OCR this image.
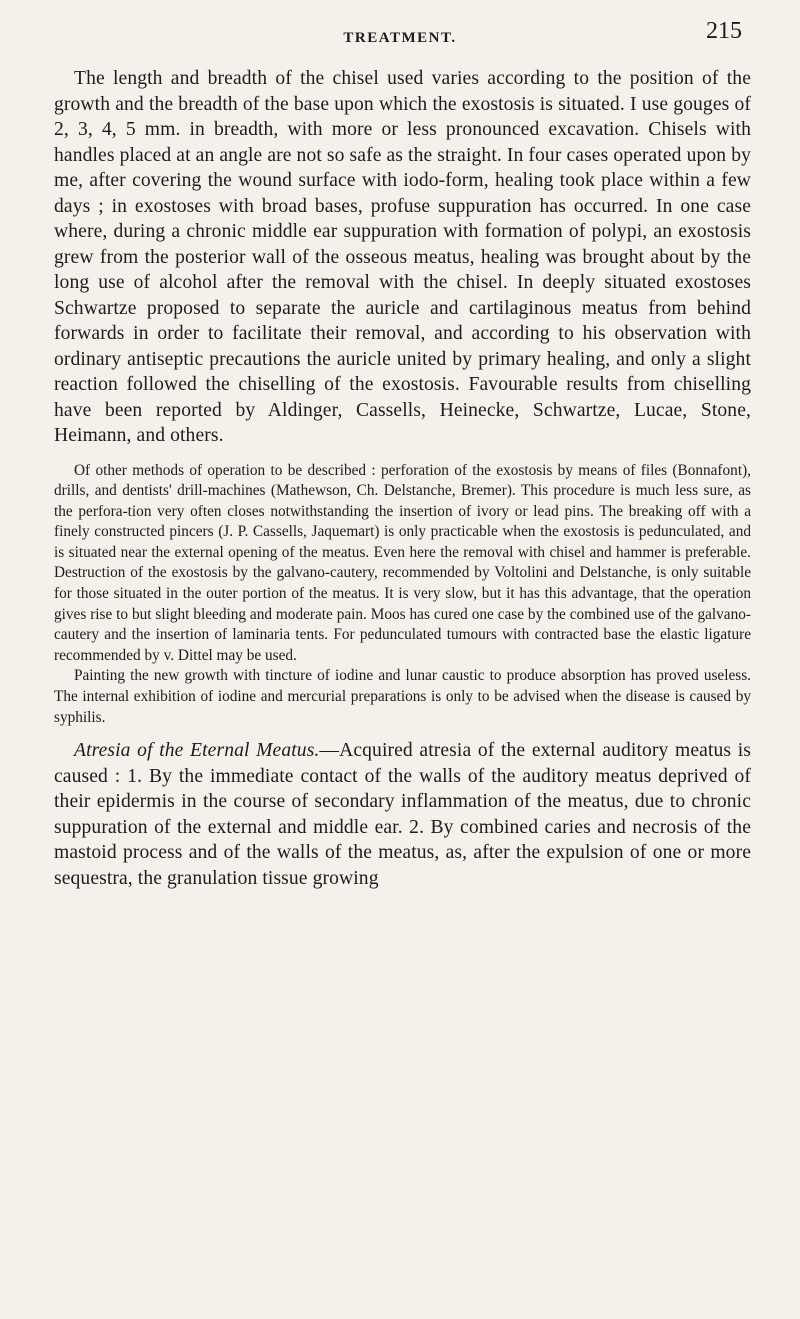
TREATMENT.	215

The length and breadth of the chisel used varies according to the position of the growth and the breadth of the base upon which the exostosis is situated. I use gouges of 2, 3, 4, 5 mm. in breadth, with more or less pronounced excavation. Chisels with handles placed at an angle are not so safe as the straight. In four cases operated upon by me, after covering the wound surface with iodo-form, healing took place within a few days ; in exostoses with broad bases, profuse suppuration has occurred. In one case where, during a chronic middle ear suppuration with formation of polypi, an exostosis grew from the posterior wall of the osseous meatus, healing was brought about by the long use of alcohol after the removal with the chisel. In deeply situated exostoses Schwartze proposed to separate the auricle and cartilaginous meatus from behind forwards in order to facilitate their removal, and according to his observation with ordinary antiseptic precautions the auricle united by primary healing, and only a slight reaction followed the chiselling of the exostosis. Favourable results from chiselling have been reported by Aldinger, Cassells, Heinecke, Schwartze, Lucae, Stone, Heimann, and others.

Of other methods of operation to be described : perforation of the exostosis by means of files (Bonnafont), drills, and dentists' drill-machines (Mathewson, Ch. Delstanche, Bremer). This procedure is much less sure, as the perfora-tion very often closes notwithstanding the insertion of ivory or lead pins. The breaking off with a finely constructed pincers (J. P. Cassells, Jaquemart) is only practicable when the exostosis is pedunculated, and is situated near the external opening of the meatus. Even here the removal with chisel and hammer is preferable. Destruction of the exostosis by the galvano-cautery, recommended by Voltolini and Delstanche, is only suitable for those situated in the outer portion of the meatus. It is very slow, but it has this advantage, that the operation gives rise to but slight bleeding and moderate pain. Moos has cured one case by the combined use of the galvano-cautery and the insertion of laminaria tents. For pedunculated tumours with contracted base the elastic ligature recommended by v. Dittel may be used.

Painting the new growth with tincture of iodine and lunar caustic to produce absorption has proved useless. The internal exhibition of iodine and mercurial preparations is only to be advised when the disease is caused by syphilis.

Atresia of the Eternal Meatus.—Acquired atresia of the external auditory meatus is caused : 1. By the immediate contact of the walls of the auditory meatus deprived of their epidermis in the course of secondary inflammation of the meatus, due to chronic suppuration of the external and middle ear. 2. By combined caries and necrosis of the mastoid process and of the walls of the meatus, as, after the expulsion of one or more sequestra, the granulation tissue growing
